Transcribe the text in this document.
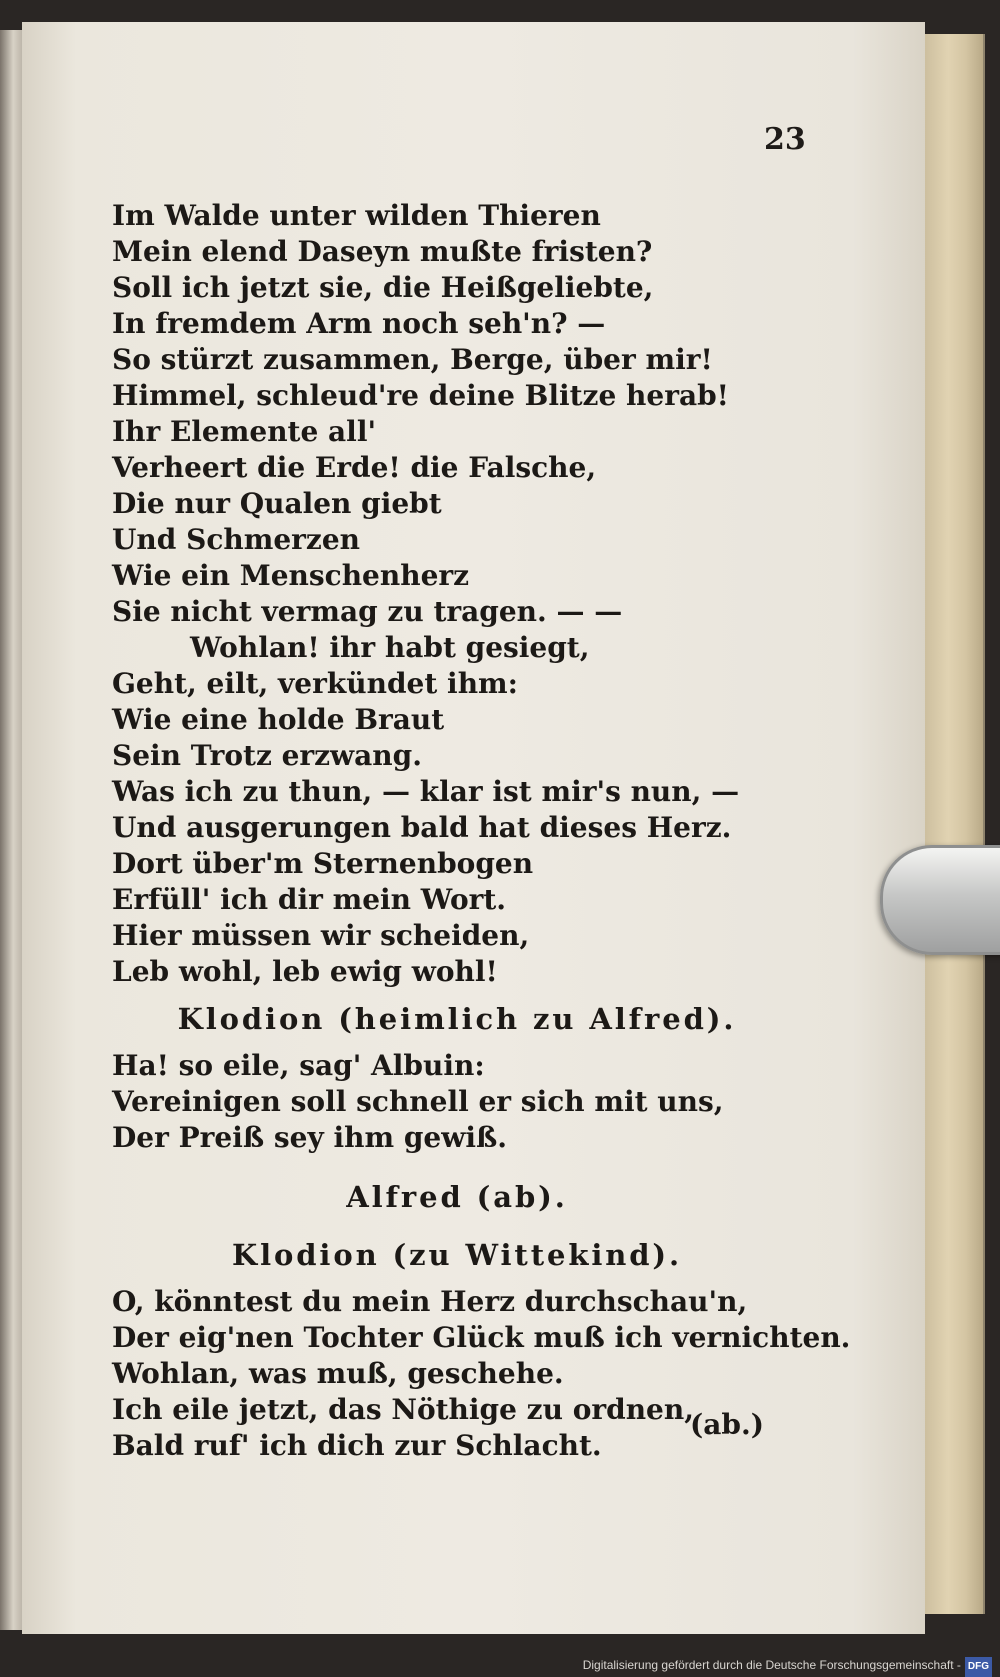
23
Im Walde unter wilden Thieren
Mein elend Daseyn mußte fristen?
Soll ich jetzt sie, die Heißgeliebte,
In fremdem Arm noch seh'n? —
So stürzt zusammen, Berge, über mir!
Himmel, schleud're deine Blitze herab!
Ihr Elemente all'
Verheert die Erde! die Falsche,
Die nur Qualen giebt
Und Schmerzen
Wie ein Menschenherz
Sie nicht vermag zu tragen. — —
Wohlan! ihr habt gesiegt,
Geht, eilt, verkündet ihm:
Wie eine holde Braut
Sein Trotz erzwang.
Was ich zu thun, — klar ist mir's nun, —
Und ausgerungen bald hat dieses Herz.
Dort über'm Sternenbogen
Erfüll' ich dir mein Wort.
Hier müssen wir scheiden,
Leb wohl, leb ewig wohl!
Klodion (heimlich zu Alfred).
Ha! so eile, sag' Albuin:
Vereinigen soll schnell er sich mit uns,
Der Preiß sey ihm gewiß.
Alfred (ab).
Klodion (zu Wittekind).
O, könntest du mein Herz durchschau'n,
Der eig'nen Tochter Glück muß ich vernichten.
Wohlan, was muß, geschehe.
Ich eile jetzt, das Nöthige zu ordnen,
Bald ruf' ich dich zur Schlacht.
(ab.)
Digitalisierung gefördert durch die Deutsche Forschungsgemeinschaft - DFG
